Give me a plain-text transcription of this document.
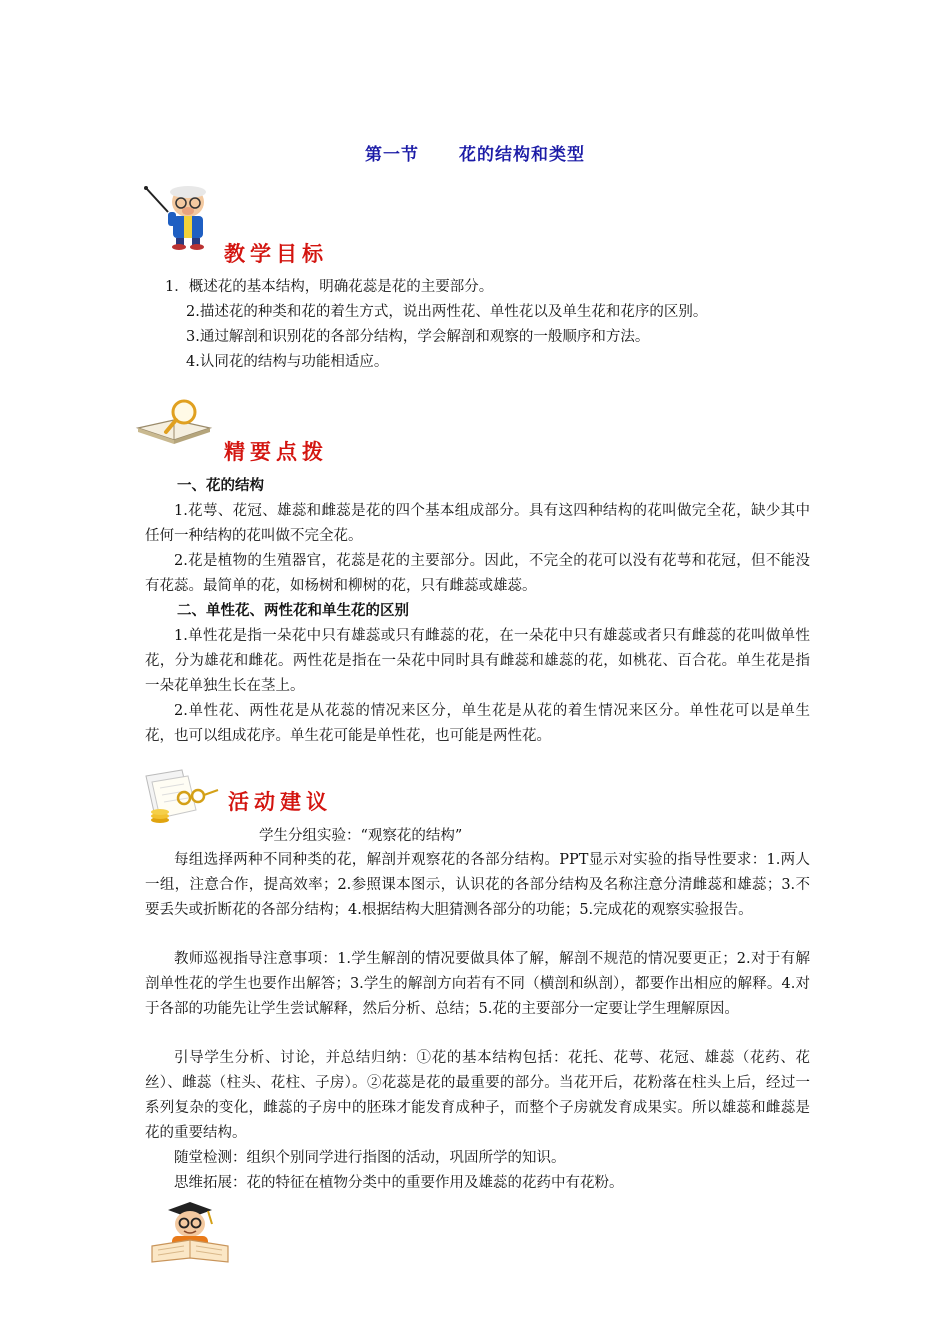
第一节 花的结构和类型
教学目标
1．概述花的基本结构，明确花蕊是花的主要部分。
2.描述花的种类和花的着生方式，说出两性花、单性花以及单生花和花序的区别。
3.通过解剖和识别花的各部分结构，学会解剖和观察的一般顺序和方法。
4.认同花的结构与功能相适应。
精要点拨
一、花的结构

1.花萼、花冠、雄蕊和雌蕊是花的四个基本组成部分。具有这四种结构的花叫做完全花，缺少其中任何一种结构的花叫做不完全花。

2.花是植物的生殖器官，花蕊是花的主要部分。因此，不完全的花可以没有花萼和花冠，但不能没有花蕊。最简单的花，如杨树和柳树的花，只有雌蕊或雄蕊。

二、单性花、两性花和单生花的区别

1.单性花是指一朵花中只有雄蕊或只有雌蕊的花，在一朵花中只有雄蕊或者只有雌蕊的花叫做单性花，分为雄花和雌花。两性花是指在一朵花中同时具有雌蕊和雄蕊的花，如桃花、百合花。单生花是指一朵花单独生长在茎上。

2.单性花、两性花是从花蕊的情况来区分，单生花是从花的着生情况来区分。单性花可以是单生花，也可以组成花序。单生花可能是单性花，也可能是两性花。

活动建议
学生分组实验：“观察花的结构”

每组选择两种不同种类的花，解剖并观察花的各部分结构。PPT显示对实验的指导性要求：1.两人一组，注意合作，提高效率；2.参照课本图示，认识花的各部分结构及名称注意分清雌蕊和雄蕊；3.不要丢失或折断花的各部分结构；4.根据结构大胆猜测各部分的功能；5.完成花的观察实验报告。

教师巡视指导注意事项：1.学生解剖的情况要做具体了解，解剖不规范的情况要更正；2.对于有解剖单性花的学生也要作出解答；3.学生的解剖方向若有不同（横剖和纵剖），都要作出相应的解释。4.对于各部的功能先让学生尝试解释，然后分析、总结；5.花的主要部分一定要让学生理解原因。

引导学生分析、讨论，并总结归纳：①花的基本结构包括：花托、花萼、花冠、雄蕊（花药、花丝）、雌蕊（柱头、花柱、子房）。②花蕊是花的最重要的部分。当花开后，花粉落在柱头上后，经过一系列复杂的变化，雌蕊的子房中的胚珠才能发育成种子，而整个子房就发育成果实。所以雄蕊和雌蕊是花的重要结构。

随堂检测：组织个别同学进行指图的活动，巩固所学的知识。

思维拓展：花的特征在植物分类中的重要作用及雄蕊的花药中有花粉。
